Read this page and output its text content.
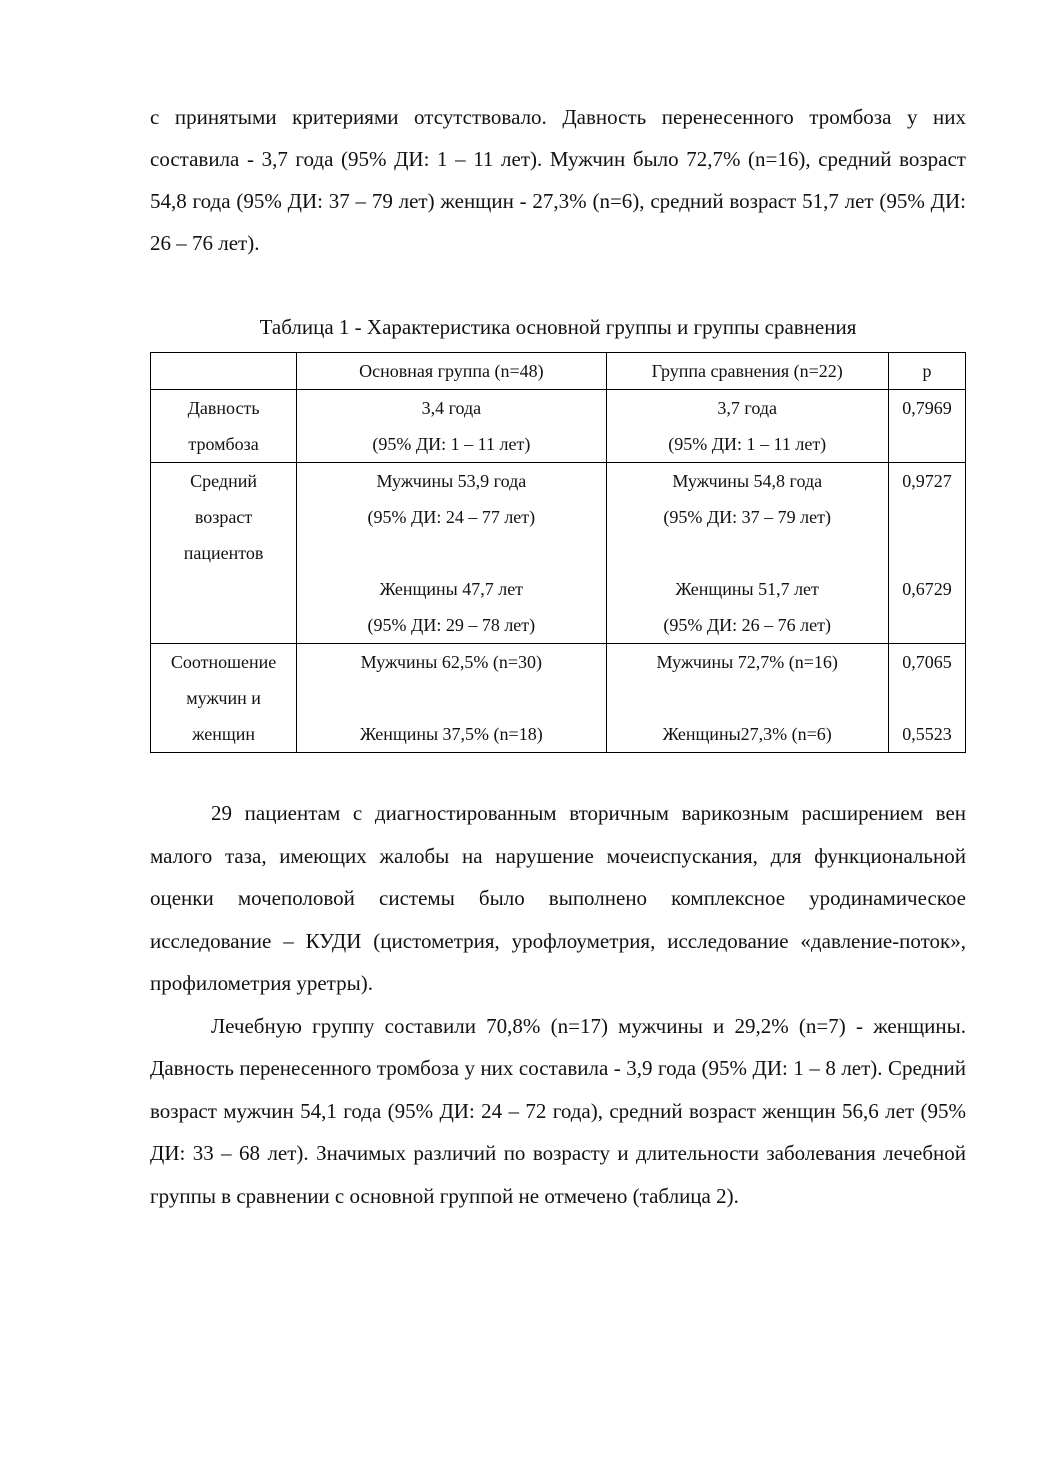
с принятыми критериями отсутствовало. Давность перенесенного тромбоза у них составила - 3,7 года (95% ДИ: 1 – 11 лет). Мужчин было 72,7% (n=16), средний возраст 54,8 года (95% ДИ: 37 – 79 лет) женщин - 27,3% (n=6), средний возраст 51,7 лет (95% ДИ: 26 – 76 лет).

Таблица 1 - Характеристика основной группы и группы сравнения

	Основная группа (n=48)	Группа сравнения (n=22)	p

Давность
тромбоза	3,4 года
(95% ДИ: 1 – 11 лет)	3,7 года
(95% ДИ: 1 – 11 лет)	0,7969

Средний
возраст
пациентов	Мужчины 53,9 года
(95% ДИ: 24 – 77 лет)
Женщины 47,7 лет
(95% ДИ: 29 – 78 лет)	Мужчины 54,8 года
(95% ДИ: 37 – 79 лет)
Женщины 51,7 лет
(95% ДИ: 26 – 76 лет)	0,9727
0,6729

Соотношение
мужчин и
женщин	Мужчины 62,5% (n=30)
Женщины 37,5% (n=18)	Мужчины 72,7% (n=16)
Женщины27,3% (n=6)	0,7065
0,5523

29 пациентам с диагностированным вторичным варикозным расширением вен малого таза, имеющих жалобы на нарушение мочеиспускания, для функциональной оценки мочеполовой системы было выполнено комплексное уродинамическое исследование – КУДИ (цистометрия, урофлоуметрия, исследование «давление-поток», профилометрия уретры).

Лечебную группу составили 70,8% (n=17) мужчины и 29,2% (n=7) - женщины. Давность перенесенного тромбоза у них составила - 3,9 года (95% ДИ: 1 – 8 лет). Средний возраст мужчин 54,1 года (95% ДИ: 24 – 72 года), средний возраст женщин 56,6 лет (95% ДИ: 33 – 68 лет). Значимых различий по возрасту и длительности заболевания лечебной группы в сравнении с основной группой не отмечено (таблица 2).
